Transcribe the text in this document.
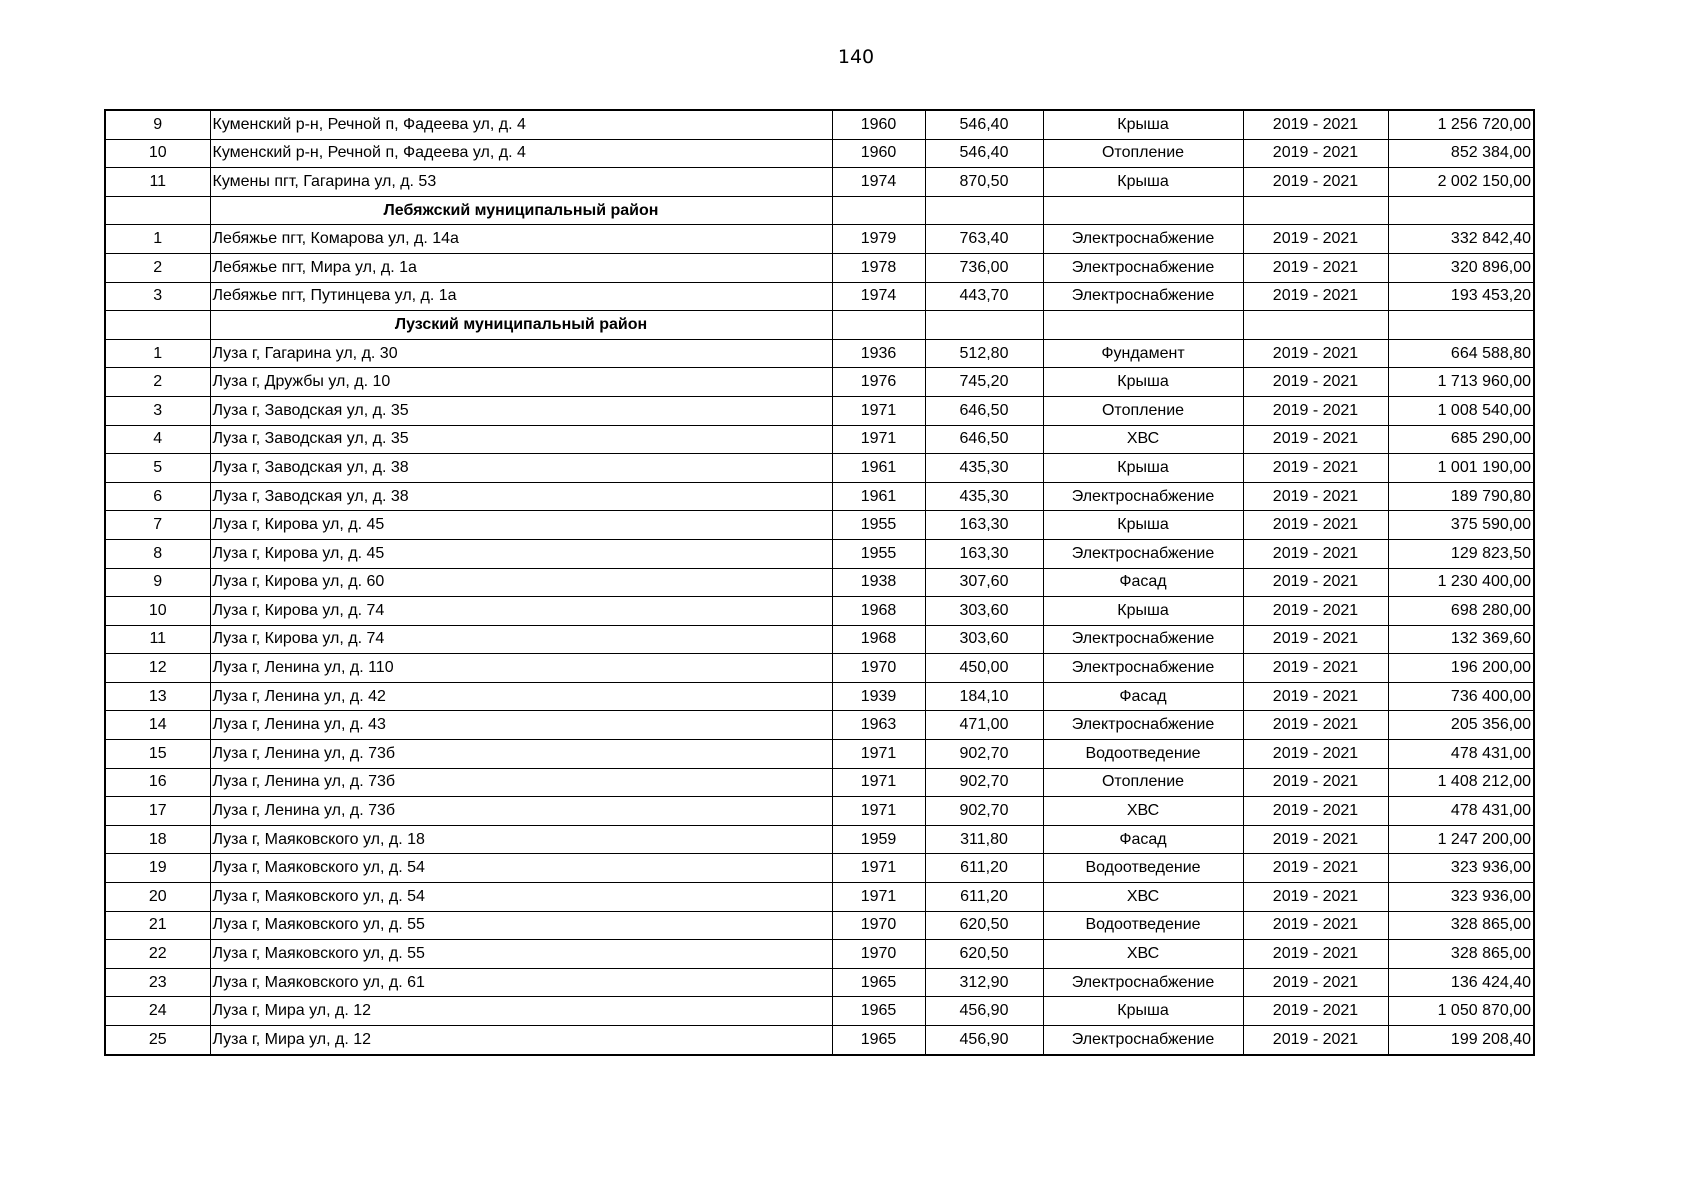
140
9	Куменский р-н, Речной п, Фадеева ул, д. 4	1960	546,40	Крыша	2019 - 2021	1 256 720,00
10	Куменский р-н, Речной п, Фадеева ул, д. 4	1960	546,40	Отопление	2019 - 2021	852 384,00
11	Кумены пгт, Гагарина ул, д. 53	1974	870,50	Крыша	2019 - 2021	2 002 150,00
	Лебяжский муниципальный район					
1	Лебяжье пгт, Комарова ул, д. 14а	1979	763,40	Электроснабжение	2019 - 2021	332 842,40
2	Лебяжье пгт, Мира ул, д. 1а	1978	736,00	Электроснабжение	2019 - 2021	320 896,00
3	Лебяжье пгт, Путинцева ул, д. 1а	1974	443,70	Электроснабжение	2019 - 2021	193 453,20
	Лузский муниципальный район					
1	Луза г, Гагарина ул, д. 30	1936	512,80	Фундамент	2019 - 2021	664 588,80
2	Луза г, Дружбы ул, д. 10	1976	745,20	Крыша	2019 - 2021	1 713 960,00
3	Луза г, Заводская ул, д. 35	1971	646,50	Отопление	2019 - 2021	1 008 540,00
4	Луза г, Заводская ул, д. 35	1971	646,50	ХВС	2019 - 2021	685 290,00
5	Луза г, Заводская ул, д. 38	1961	435,30	Крыша	2019 - 2021	1 001 190,00
6	Луза г, Заводская ул, д. 38	1961	435,30	Электроснабжение	2019 - 2021	189 790,80
7	Луза г, Кирова ул, д. 45	1955	163,30	Крыша	2019 - 2021	375 590,00
8	Луза г, Кирова ул, д. 45	1955	163,30	Электроснабжение	2019 - 2021	129 823,50
9	Луза г, Кирова ул, д. 60	1938	307,60	Фасад	2019 - 2021	1 230 400,00
10	Луза г, Кирова ул, д. 74	1968	303,60	Крыша	2019 - 2021	698 280,00
11	Луза г, Кирова ул, д. 74	1968	303,60	Электроснабжение	2019 - 2021	132 369,60
12	Луза г, Ленина ул, д. 110	1970	450,00	Электроснабжение	2019 - 2021	196 200,00
13	Луза г, Ленина ул, д. 42	1939	184,10	Фасад	2019 - 2021	736 400,00
14	Луза г, Ленина ул, д. 43	1963	471,00	Электроснабжение	2019 - 2021	205 356,00
15	Луза г, Ленина ул, д. 73б	1971	902,70	Водоотведение	2019 - 2021	478 431,00
16	Луза г, Ленина ул, д. 73б	1971	902,70	Отопление	2019 - 2021	1 408 212,00
17	Луза г, Ленина ул, д. 73б	1971	902,70	ХВС	2019 - 2021	478 431,00
18	Луза г, Маяковского ул, д. 18	1959	311,80	Фасад	2019 - 2021	1 247 200,00
19	Луза г, Маяковского ул, д. 54	1971	611,20	Водоотведение	2019 - 2021	323 936,00
20	Луза г, Маяковского ул, д. 54	1971	611,20	ХВС	2019 - 2021	323 936,00
21	Луза г, Маяковского ул, д. 55	1970	620,50	Водоотведение	2019 - 2021	328 865,00
22	Луза г, Маяковского ул, д. 55	1970	620,50	ХВС	2019 - 2021	328 865,00
23	Луза г, Маяковского ул, д. 61	1965	312,90	Электроснабжение	2019 - 2021	136 424,40
24	Луза г, Мира ул, д. 12	1965	456,90	Крыша	2019 - 2021	1 050 870,00
25	Луза г, Мира ул, д. 12	1965	456,90	Электроснабжение	2019 - 2021	199 208,40
